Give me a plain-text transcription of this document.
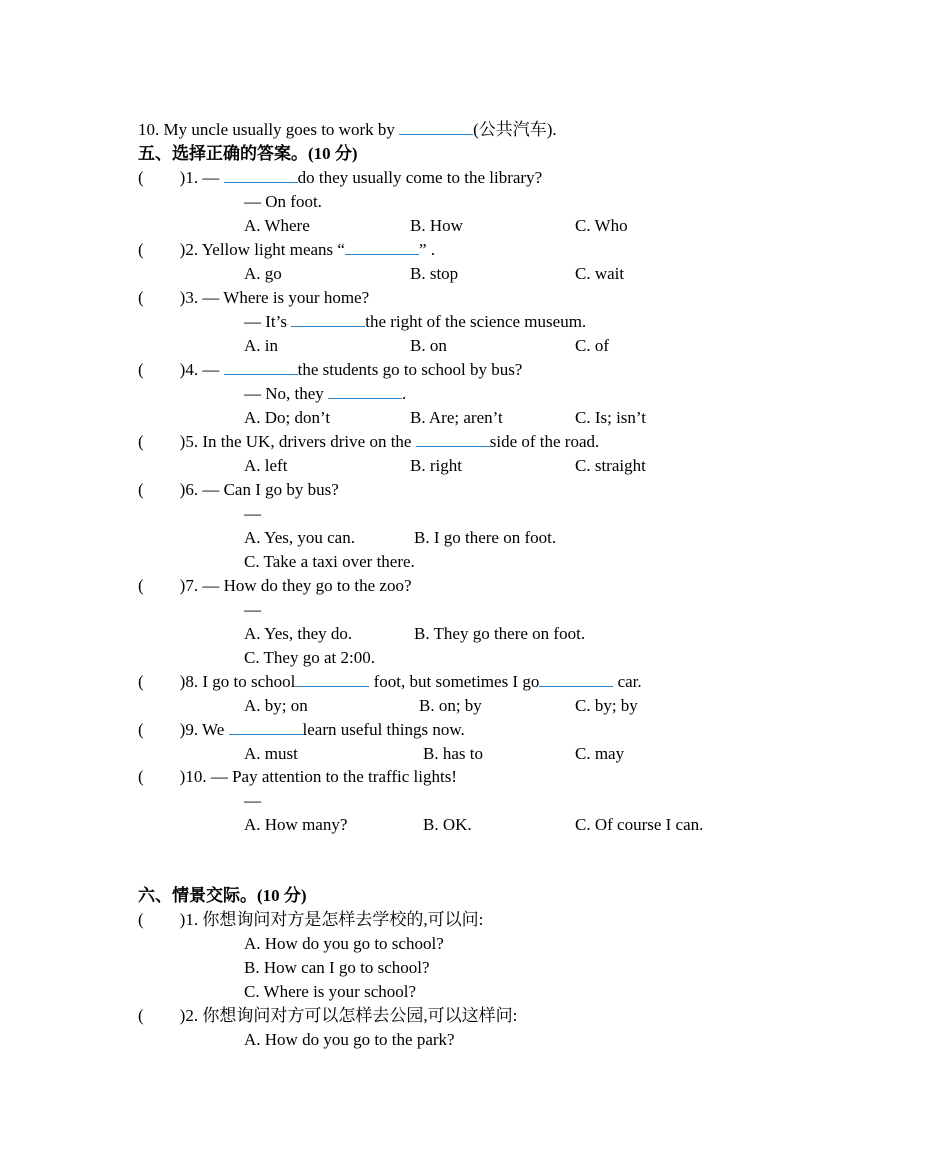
10. My uncle usually goes to work by	(公共汽车).
五、选择正确的答案。(10 分)
( )1. —	do they usually come to the library?
— On foot.
A. Where	B. How	C. Who
( )2. Yellow light means “	” .
A. go	B. stop	C. wait
( )3. — Where is your home?
— It’s	the right of the science museum.
A. in	B. on	C. of
( )4. —	the students go to school by bus?
— No, they	.
A. Do; don’t	B. Are; aren’t	C. Is; isn’t
( )5. In the UK, drivers drive on the	side of the road.
A. left	B. right	C. straight
( )6. — Can I go by bus?
—
A. Yes, you can.	B. I go there on foot.
C. Take a taxi over there.
( )7. — How do they go to the zoo?
—
A. Yes, they do.	B. They go there on foot.
C. They go at 2:00.
( )8. I go to school	foot, but sometimes I go	car.
A. by; on	B. on; by	C. by; by
( )9. We	learn useful things now.
A. must	B. has to	C. may
( )10. — Pay attention to the traffic lights!
—
A. How many?	B. OK.	C. Of course I can.
六、情景交际。(10 分)
( )1. 你想询问对方是怎样去学校的,可以问:
A. How do you go to school?
B. How can I go to school?
C. Where is your school?
( )2. 你想询问对方可以怎样去公园,可以这样问:
A. How do you go to the park?
